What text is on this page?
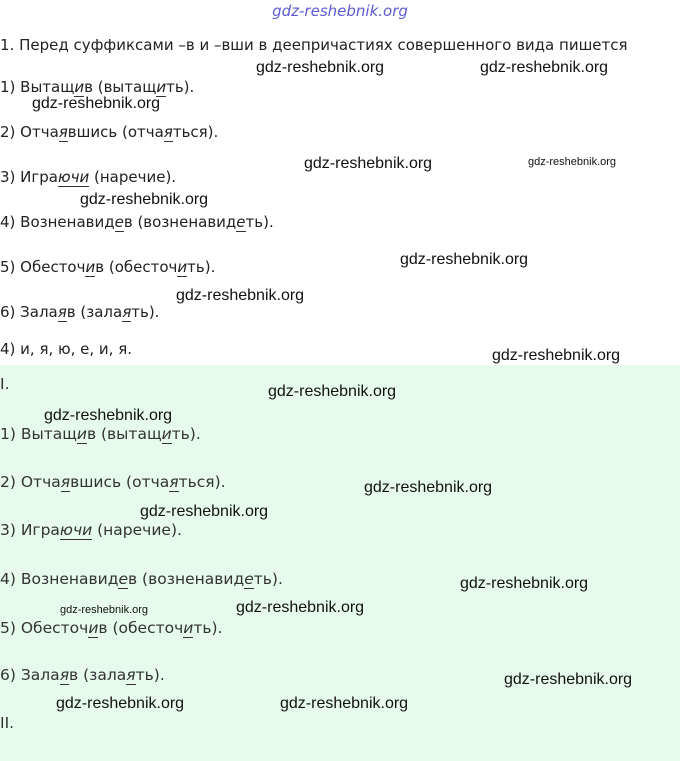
gdz-reshebnik.org
1. Перед суффиксами –в и –вши в деепричастиях совершенного вида пишется
1) Вытащив (вытащить).
2) Отчаявшись (отчаяться).
3) Играючи (наречие).
4) Возненавидев (возненавидеть).
5) Обесточив (обесточить).
6) Залаяв (залаять).
4) и, я, ю, е, и, я.
I.
1) Вытащив (вытащить).
2) Отчаявшись (отчаяться).
3) Играючи (наречие).
4) Возненавидев (возненавидеть).
5) Обесточив (обесточить).
6) Залаяв (залаять).
II.
gdz-reshebnik.org	gdz-reshebnik.org
gdz-reshebnik.org
gdz-reshebnik.org	gdz-reshebnik.org
gdz-reshebnik.org
gdz-reshebnik.org
gdz-reshebnik.org
gdz-reshebnik.org
gdz-reshebnik.org
gdz-reshebnik.org
gdz-reshebnik.org
gdz-reshebnik.org
gdz-reshebnik.org
gdz-reshebnik.org	gdz-reshebnik.org
gdz-reshebnik.org
gdz-reshebnik.org	gdz-reshebnik.org
